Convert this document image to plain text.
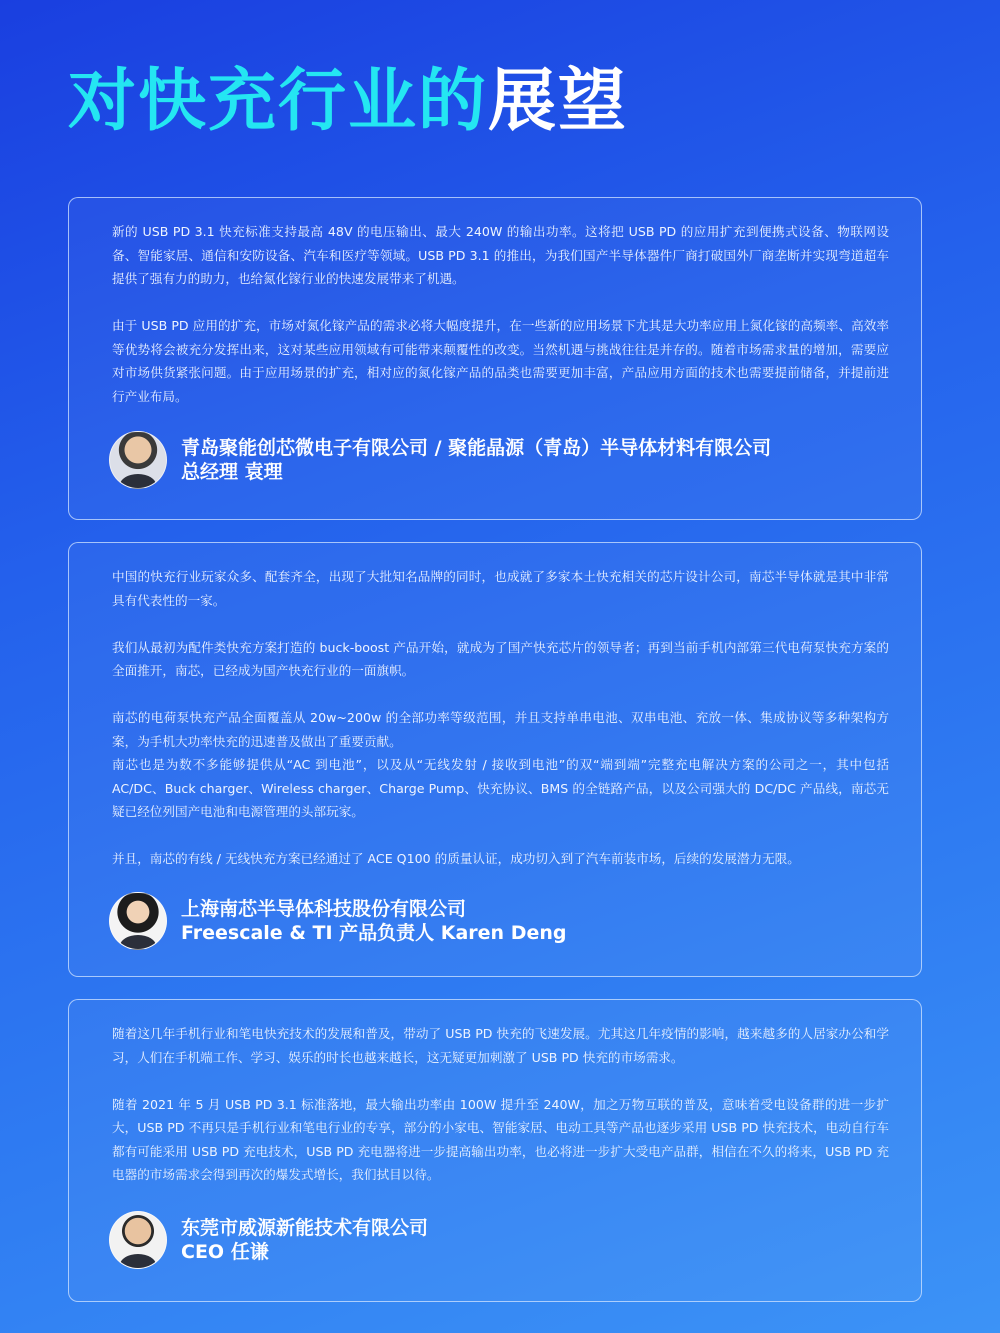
对快充行业的展望

新的 USB PD 3.1 快充标准支持最高 48V 的电压输出、最大 240W 的输出功率。这将把 USB PD 的应用扩充到便携式设备、物联网设备、智能家居、通信和安防设备、汽车和医疗等领域。USB PD 3.1 的推出，为我们国产半导体器件厂商打破国外厂商垄断并实现弯道超车提供了强有力的助力，也给氮化镓行业的快速发展带来了机遇。

由于 USB PD 应用的扩充，市场对氮化镓产品的需求必将大幅度提升，在一些新的应用场景下尤其是大功率应用上氮化镓的高频率、高效率等优势将会被充分发挥出来，这对某些应用领域有可能带来颠覆性的改变。当然机遇与挑战往往是并存的。随着市场需求量的增加，需要应对市场供货紧张问题。由于应用场景的扩充，相对应的氮化镓产品的品类也需要更加丰富，产品应用方面的技术也需要提前储备，并提前进行产业布局。

青岛聚能创芯微电子有限公司 / 聚能晶源（青岛）半导体材料有限公司
总经理 袁理

中国的快充行业玩家众多、配套齐全，出现了大批知名品牌的同时，也成就了多家本土快充相关的芯片设计公司，南芯半导体就是其中非常具有代表性的一家。

我们从最初为配件类快充方案打造的 buck-boost 产品开始，就成为了国产快充芯片的领导者；再到当前手机内部第三代电荷泵快充方案的全面推开，南芯，已经成为国产快充行业的一面旗帜。

南芯的电荷泵快充产品全面覆盖从 20w~200w 的全部功率等级范围，并且支持单串电池、双串电池、充放一体、集成协议等多种架构方案，为手机大功率快充的迅速普及做出了重要贡献。

南芯也是为数不多能够提供从“AC 到电池”，以及从“无线发射 / 接收到电池”的双“端到端”完整充电解决方案的公司之一，其中包括 AC/DC、Buck charger、Wireless charger、Charge Pump、快充协议、BMS 的全链路产品，以及公司强大的 DC/DC 产品线，南芯无疑已经位列国产电池和电源管理的头部玩家。

并且，南芯的有线 / 无线快充方案已经通过了 ACE Q100 的质量认证，成功切入到了汽车前装市场，后续的发展潜力无限。

上海南芯半导体科技股份有限公司
Freescale & TI 产品负责人 Karen Deng

随着这几年手机行业和笔电快充技术的发展和普及，带动了 USB PD 快充的飞速发展。尤其这几年疫情的影响，越来越多的人居家办公和学习，人们在手机端工作、学习、娱乐的时长也越来越长，这无疑更加刺激了 USB PD 快充的市场需求。

随着 2021 年 5 月 USB PD 3.1 标准落地，最大输出功率由 100W 提升至 240W，加之万物互联的普及，意味着受电设备群的进一步扩大，USB PD 不再只是手机行业和笔电行业的专享，部分的小家电、智能家居、电动工具等产品也逐步采用 USB PD 快充技术，电动自行车都有可能采用 USB PD 充电技术，USB PD 充电器将进一步提高输出功率，也必将进一步扩大受电产品群，相信在不久的将来，USB PD 充电器的市场需求会得到再次的爆发式增长，我们拭目以待。

东莞市威源新能技术有限公司
CEO 任谦
